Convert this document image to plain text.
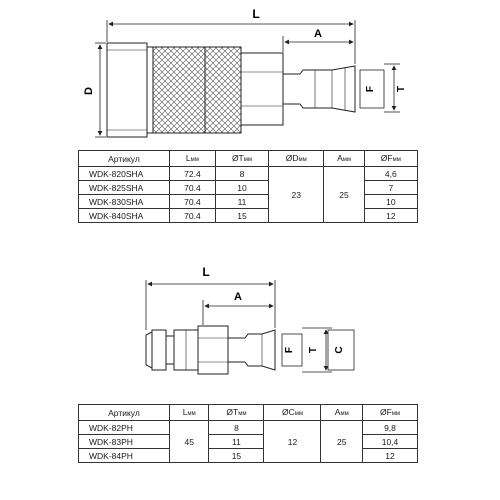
L
A
D	F T
L
A
F T C
Артикул	Lмм	ØTмм	ØDмм	Aмм	ØFмм
WDK-820SHA	72.4	8	23	25	4,6
WDK-825SHA	70.4	10			7
WDK-830SHA	70.4	11			10
WDK-840SHA	70.4	15			12
Артикул	Lмм	ØTмм	ØCмм	Aмм	ØFмм
WDK-82PH	45	8	12	25	9,8
WDK-83PH		11			10,4
WDK-84PH		15			12
